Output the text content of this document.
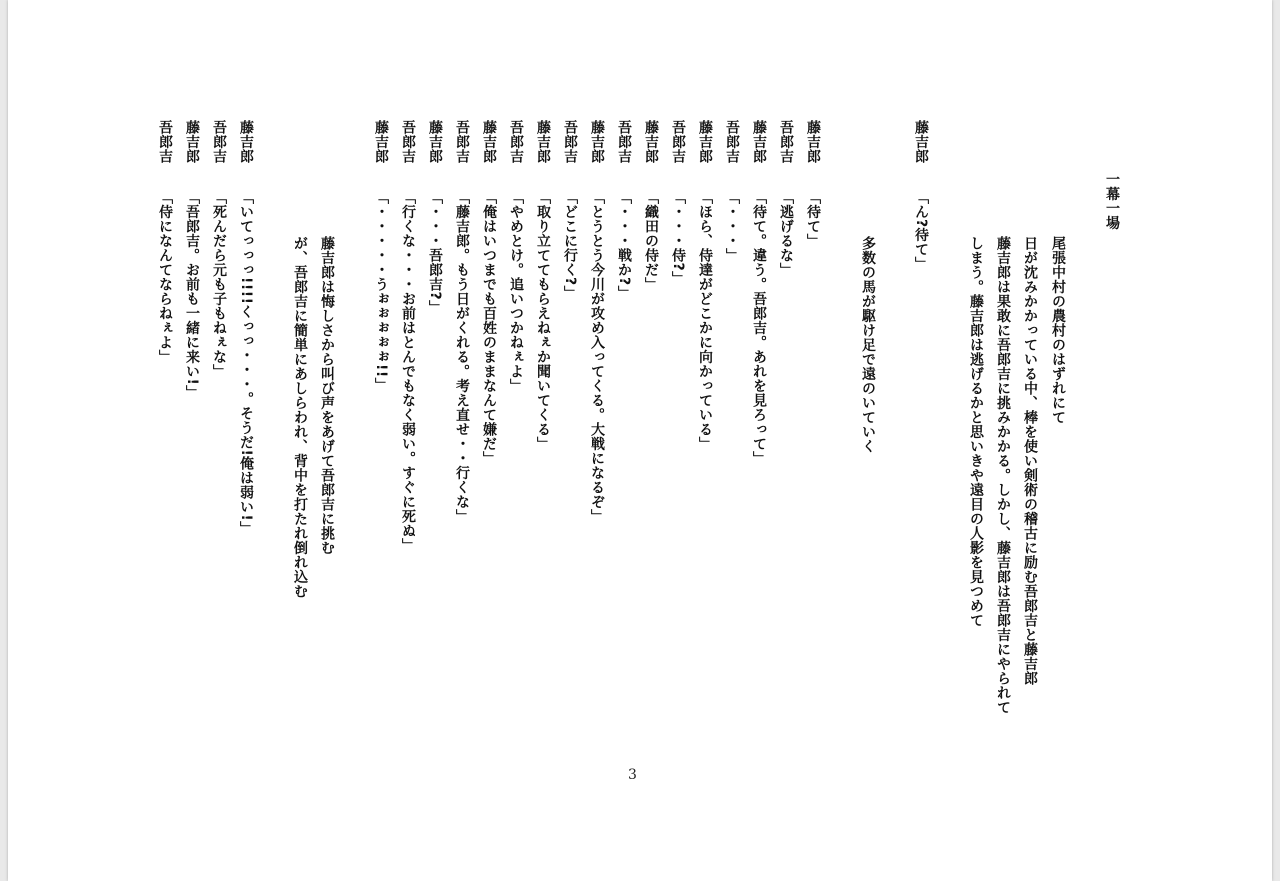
一幕一場
尾張中村の農村のはずれにて
日が沈みかかっている中、棒を使い剣術の稽古に励む吾郎吉と藤吉郎
藤吉郎は果敢に吾郎吉に挑みかかる。しかし、藤吉郎は吾郎吉にやられて
しまう。藤吉郎は逃げるかと思いきや遠目の人影を見つめて
藤吉郎
「ん?待て」
多数の馬が駆け足で遠のいていく
藤吉郎
「待て」
吾郎吉
「逃げるな」
藤吉郎
「待て。違う。吾郎吉。あれを見ろって」
吾郎吉
「・・・」
藤吉郎
「ほら、侍達がどこかに向かっている」
吾郎吉
「・・・侍?」
藤吉郎
「織田の侍だ」
吾郎吉
「・・・戦か?」
藤吉郎
「とうとう今川が攻め入ってくる。大戦になるぞ」
吾郎吉
「どこに行く?」
藤吉郎
「取り立ててもらえねぇか聞いてくる」
吾郎吉
「やめとけ。追いつかねぇよ」
藤吉郎
「俺はいつまでも百姓のままなんて嫌だ」
吾郎吉
「藤吉郎。もう日がくれる。考え直せ・・行くな」
藤吉郎
「・・・吾郎吉?」
吾郎吉
「行くな・・・お前はとんでもなく弱い。すぐに死ぬ」
藤吉郎
「・・・・・うぉぉぉぉぉ!!」
藤吉郎は悔しさから叫び声をあげて吾郎吉に挑む
が、吾郎吉に簡単にあしらわれ、背中を打たれ倒れ込む
藤吉郎
「いてっっっ!!!!くっっ・・・。そうだ!俺は弱い!」
吾郎吉
「死んだら元も子もねぇな」
藤吉郎
「吾郎吉。お前も一緒に来い!」
吾郎吉
「侍になんてならねぇよ」
3
